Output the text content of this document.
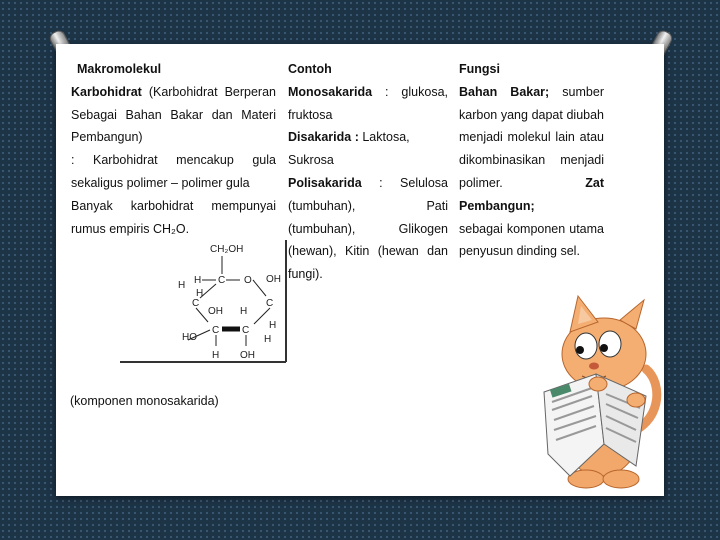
Makromolekul

Karbohidrat (Karbohidrat Berperan

Sebagai Bahan Bakar dan Materi

Pembangun)

: Karbohidrat mencakup gula

sekaligus polimer – polimer gula

Banyak karbohidrat mempunyai

rumus empiris CH₂O.

Contoh

Monosakarida : glukosa,

fruktosa

Disakarida : Laktosa, Sukrosa

Polisakarida : Selulosa

(tumbuhan), Pati

(tumbuhan), Glikogen

(hewan), Kitin (hewan dan

fungi).

Fungsi

Bahan Bakar; sumber

karbon yang dapat diubah

menjadi molekul lain atau

dikombinasikan menjadi

polimer.	Zat Pembangun;

sebagai komponen utama

penyusun dinding sel.

CH₂OH
C
H	O
C
OH
H
C
H
H
OH H
C C
HO
H OH
H
(komponen monosakarida)
